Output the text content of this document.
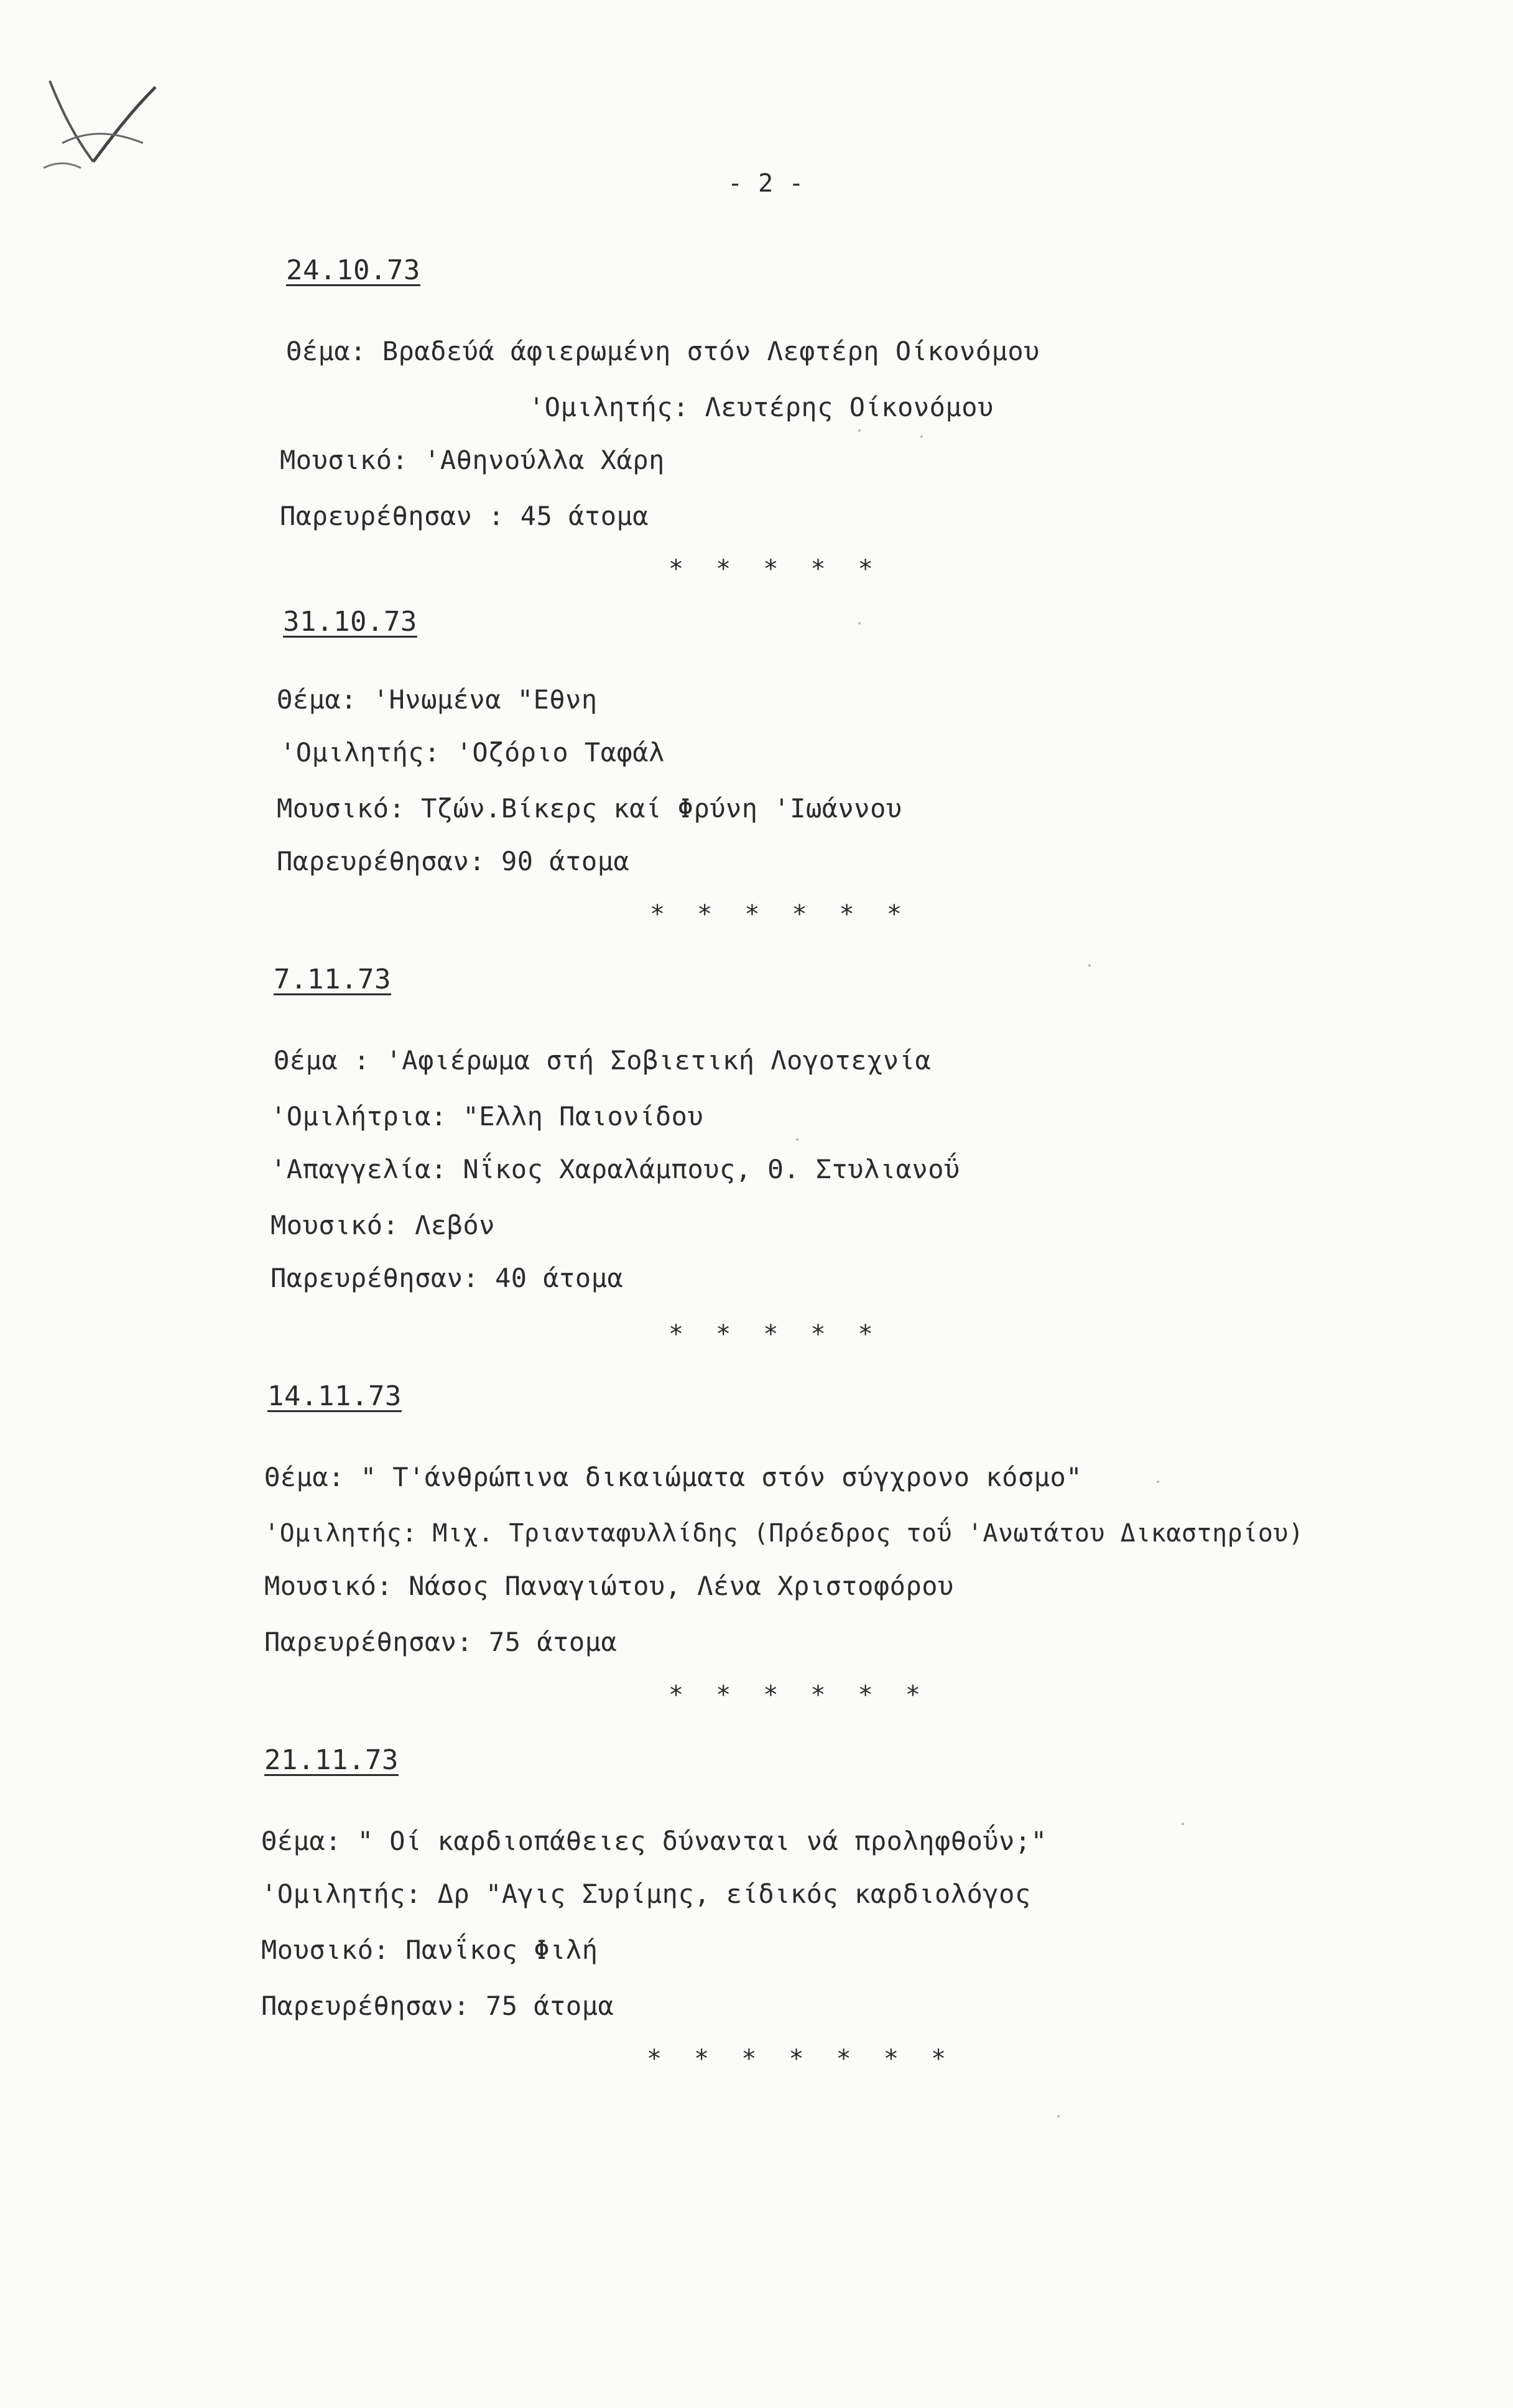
- 2 -
24.10.73
Θέμα: Βραδεύά άφιερωμένη στόν Λεφτέρη Οίκονόμου
'Ομιλητής: Λευτέρης Οίκονόμου
Μουσικό: 'Αθηνούλλα Χάρη
Παρευρέθησαν : 45 άτομα
* * * * *
31.10.73
Θέμα: 'Ηνωμένα "Εθνη
'Ομιλητής: 'Οζόριο Ταφάλ
Μουσικό: Τζών.Βίκερς καί Φρύνη 'Ιωάννου
Παρευρέθησαν: 90 άτομα
* * * * * *
7.11.73
Θέμα : 'Αφιέρωμα στή Σοβιετική Λογοτεχνία
'Ομιλήτρια: "Ελλη Παιονίδου
'Απαγγελία: Νΐκος Χαραλάμπους, Θ. Στυλιανοΰ
Μουσικό: Λεβόν
Παρευρέθησαν: 40 άτομα
* * * * *
14.11.73
Θέμα: " Τ'άνθρώπινα δικαιώματα στόν σύγχρονο κόσμο"
'Ομιλητής: Μιχ. Τριανταφυλλίδης (Πρόεδρος τοΰ 'Ανωτάτου Δικαστηρίου)
Μουσικό: Νάσος Παναγιώτου, Λένα Χριστοφόρου
Παρευρέθησαν: 75 άτομα
* * * * * *
21.11.73
Θέμα: " Οί καρδιοπάθειες δύνανται νά προληφθοΰν;"
'Ομιλητής: Δρ "Αγις Συρίμης, είδικός καρδιολόγος
Μουσικό: Πανΐκος Φιλή
Παρευρέθησαν: 75 άτομα
* * * * * * *
